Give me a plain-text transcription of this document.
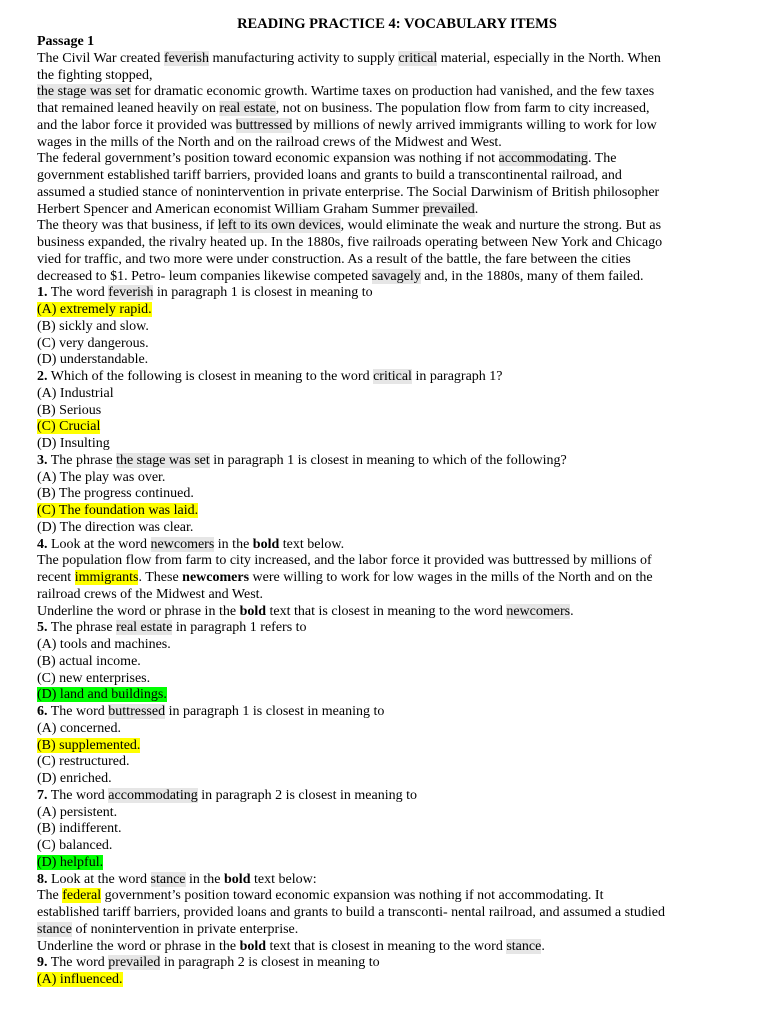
READING PRACTICE 4: VOCABULARY ITEMS
Passage 1
The Civil War created feverish manufacturing activity to supply critical material, especially in the North. When
the fighting stopped,
the stage was set for dramatic economic growth. Wartime taxes on production had vanished, and the few taxes
that remained leaned heavily on real estate, not on business. The population flow from farm to city increased,
and the labor force it provided was buttressed by millions of newly arrived immigrants willing to work for low
wages in the mills of the North and on the railroad crews of the Midwest and West.
The federal government’s position toward economic expansion was nothing if not accommodating. The
government established tariff barriers, provided loans and grants to build a transcontinental railroad, and
assumed a studied stance of nonintervention in private enterprise. The Social Darwinism of British philosopher
Herbert Spencer and American economist William Graham Summer prevailed.
The theory was that business, if left to its own devices, would eliminate the weak and nurture the strong. But as
business expanded, the rivalry heated up. In the 1880s, five railroads operating between New York and Chicago
vied for traffic, and two more were under construction. As a result of the battle, the fare between the cities
decreased to $1. Petro- leum companies likewise competed savagely and, in the 1880s, many of them failed.
1. The word feverish in paragraph 1 is closest in meaning to
(A) extremely rapid.
(B) sickly and slow.
(C) very dangerous.
(D) understandable.
2. Which of the following is closest in meaning to the word critical in paragraph 1?
(A) Industrial
(B) Serious
(C) Crucial
(D) Insulting
3. The phrase the stage was set in paragraph 1 is closest in meaning to which of the following?
(A) The play was over.
(B) The progress continued.
(C) The foundation was laid.
(D) The direction was clear.
4. Look at the word newcomers in the bold text below.
The population flow from farm to city increased, and the labor force it provided was buttressed by millions of
recent immigrants. These newcomers were willing to work for low wages in the mills of the North and on the
railroad crews of the Midwest and West.
Underline the word or phrase in the bold text that is closest in meaning to the word newcomers.
5. The phrase real estate in paragraph 1 refers to
(A) tools and machines.
(B) actual income.
(C) new enterprises.
(D) land and buildings.
6. The word buttressed in paragraph 1 is closest in meaning to
(A) concerned.
(B) supplemented.
(C) restructured.
(D) enriched.
7. The word accommodating in paragraph 2 is closest in meaning to
(A) persistent.
(B) indifferent.
(C) balanced.
(D) helpful.
8. Look at the word stance in the bold text below:
The federal government’s position toward economic expansion was nothing if not accommodating. It
established tariff barriers, provided loans and grants to build a transconti- nental railroad, and assumed a studied
stance of nonintervention in private enterprise.
Underline the word or phrase in the bold text that is closest in meaning to the word stance.
9. The word prevailed in paragraph 2 is closest in meaning to
(A) influenced.
